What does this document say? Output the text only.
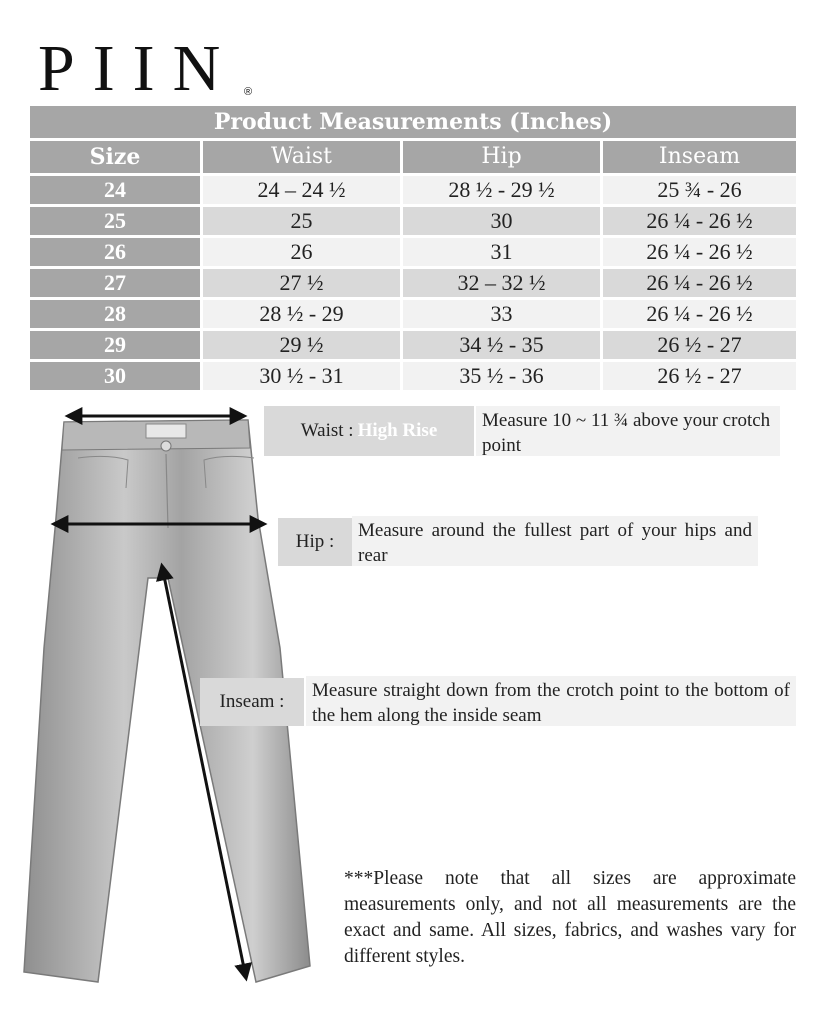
PIIN ®
Product Measurements (Inches)
Size	Waist	Hip	Inseam
24	24 – 24 ½	28 ½ - 29 ½	25 ¾ - 26
25	25	30	26 ¼ - 26 ½
26	26	31	26 ¼ - 26 ½
27	27 ½	32 – 32 ½	26 ¼ - 26 ½
28	28 ½ - 29	33	26 ¼ - 26 ½
29	29 ½	34 ½ - 35	26 ½ - 27
30	30 ½ - 31	35 ½ - 36	26 ½ - 27
Waist : High Rise	Measure 10 ~ 11 ¾ above your crotch point
Hip :
Measure around the fullest part of your hips and rear
Inseam :
Measure straight down from the crotch point to the bottom of the hem along the inside seam
***Please note that all sizes are approximate measurements only, and not all measurements are the exact and same. All sizes, fabrics, and washes vary for different styles.
